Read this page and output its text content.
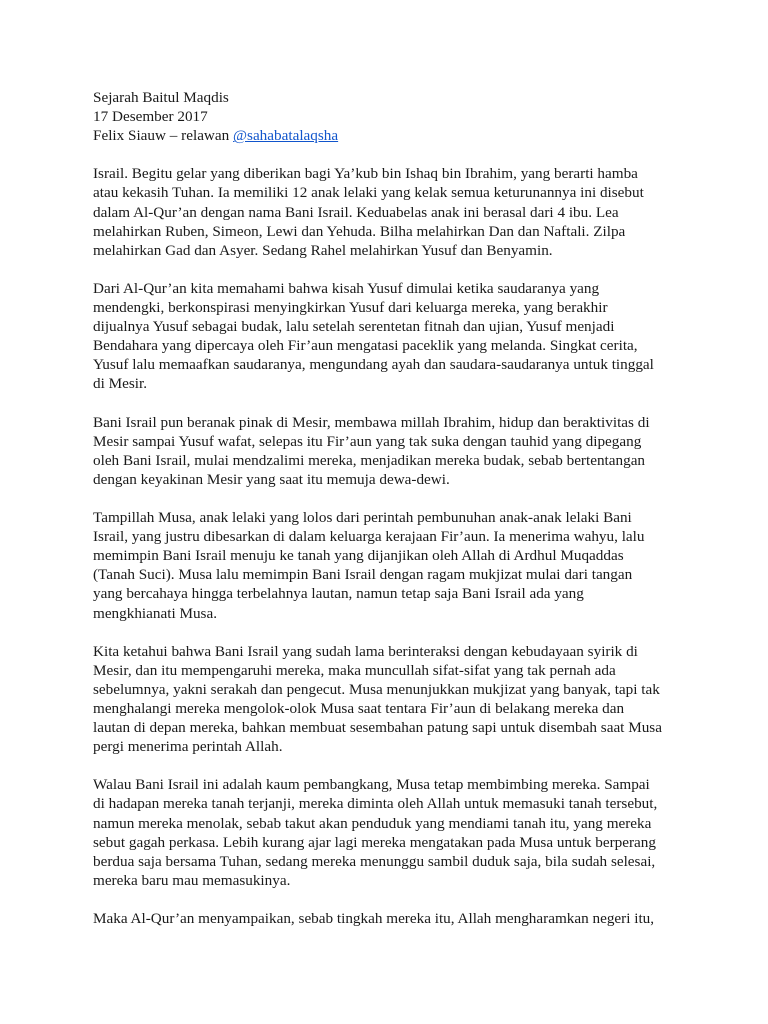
Sejarah Baitul Maqdis
17 Desember 2017
Felix Siauw – relawan @sahabatalaqsha
Israil. Begitu gelar yang diberikan bagi Ya’kub bin Ishaq bin Ibrahim, yang berarti hamba
atau kekasih Tuhan. Ia memiliki 12 anak lelaki yang kelak semua keturunannya ini disebut
dalam Al-Qur’an dengan nama Bani Israil. Keduabelas anak ini berasal dari 4 ibu. Lea
melahirkan Ruben, Simeon, Lewi dan Yehuda. Bilha melahirkan Dan dan Naftali. Zilpa
melahirkan Gad dan Asyer. Sedang Rahel melahirkan Yusuf dan Benyamin.
Dari Al-Qur’an kita memahami bahwa kisah Yusuf dimulai ketika saudaranya yang
mendengki, berkonspirasi menyingkirkan Yusuf dari keluarga mereka, yang berakhir
dijualnya Yusuf sebagai budak, lalu setelah serentetan fitnah dan ujian, Yusuf menjadi
Bendahara yang dipercaya oleh Fir’aun mengatasi paceklik yang melanda. Singkat cerita,
Yusuf lalu memaafkan saudaranya, mengundang ayah dan saudara-saudaranya untuk tinggal
di Mesir.
Bani Israil pun beranak pinak di Mesir, membawa millah Ibrahim, hidup dan beraktivitas di
Mesir sampai Yusuf wafat, selepas itu Fir’aun yang tak suka dengan tauhid yang dipegang
oleh Bani Israil, mulai mendzalimi mereka, menjadikan mereka budak, sebab bertentangan
dengan keyakinan Mesir yang saat itu memuja dewa-dewi.
Tampillah Musa, anak lelaki yang lolos dari perintah pembunuhan anak-anak lelaki Bani
Israil, yang justru dibesarkan di dalam keluarga kerajaan Fir’aun. Ia menerima wahyu, lalu
memimpin Bani Israil menuju ke tanah yang dijanjikan oleh Allah di Ardhul Muqaddas
(Tanah Suci). Musa lalu memimpin Bani Israil dengan ragam mukjizat mulai dari tangan
yang bercahaya hingga terbelahnya lautan, namun tetap saja Bani Israil ada yang
mengkhianati Musa.
Kita ketahui bahwa Bani Israil yang sudah lama berinteraksi dengan kebudayaan syirik di
Mesir, dan itu mempengaruhi mereka, maka muncullah sifat-sifat yang tak pernah ada
sebelumnya, yakni serakah dan pengecut. Musa menunjukkan mukjizat yang banyak, tapi tak
menghalangi mereka mengolok-olok Musa saat tentara Fir’aun di belakang mereka dan
lautan di depan mereka, bahkan membuat sesembahan patung sapi untuk disembah saat Musa
pergi menerima perintah Allah.
Walau Bani Israil ini adalah kaum pembangkang, Musa tetap membimbing mereka. Sampai
di hadapan mereka tanah terjanji, mereka diminta oleh Allah untuk memasuki tanah tersebut,
namun mereka menolak, sebab takut akan penduduk yang mendiami tanah itu, yang mereka
sebut gagah perkasa. Lebih kurang ajar lagi mereka mengatakan pada Musa untuk berperang
berdua saja bersama Tuhan, sedang mereka menunggu sambil duduk saja, bila sudah selesai,
mereka baru mau memasukinya.
Maka Al-Qur’an menyampaikan, sebab tingkah mereka itu, Allah mengharamkan negeri itu,
